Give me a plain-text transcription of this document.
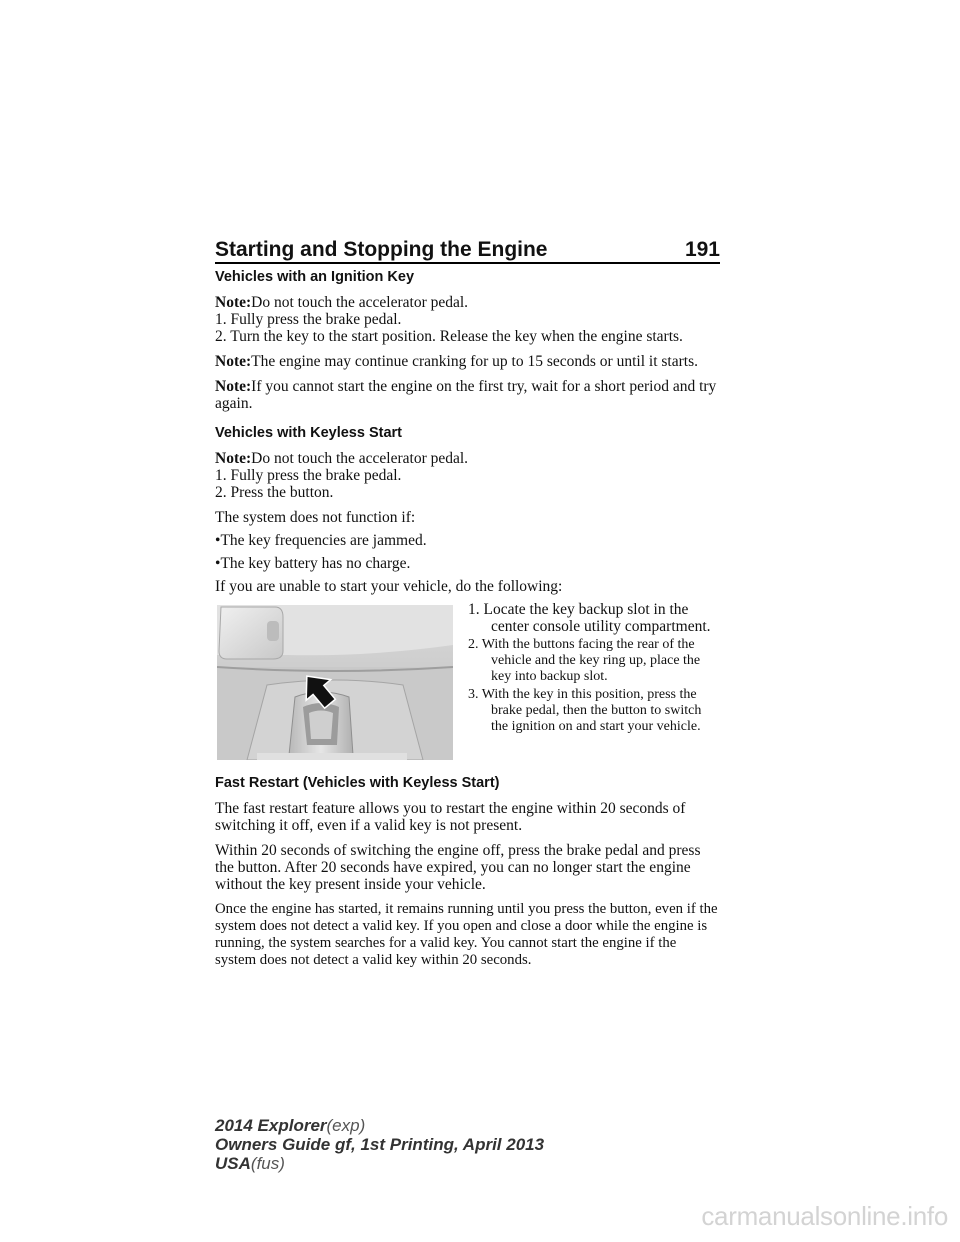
Starting and Stopping the Engine	191
Vehicles with an Ignition Key

Note:Do not touch the accelerator pedal.

1. Fully press the brake pedal.

2. Turn the key to the start position. Release the key when the engine starts.

Note:The engine may continue cranking for up to 15 seconds or until it starts.

Note:If you cannot start the engine on the first try, wait for a short period and try again.

Vehicles with Keyless Start

Note:Do not touch the accelerator pedal.

1. Fully press the brake pedal.

2. Press the button.

The system does not function if:

•The key frequencies are jammed.

•The key battery has no charge.

If you are unable to start your vehicle, do the following:

1. Locate the key backup slot in the center console utility compartment.

2. With the buttons facing the rear of the vehicle and the key ring up, place the key into backup slot.

3. With the key in this position, press the brake pedal, then the button to switch the ignition on and start your vehicle.

Fast Restart (Vehicles with Keyless Start)

The fast restart feature allows you to restart the engine within 20 seconds of switching it off, even if a valid key is not present.

Within 20 seconds of switching the engine off, press the brake pedal and press the button. After 20 seconds have expired, you can no longer start the engine without the key present inside your vehicle.

Once the engine has started, it remains running until you press the button, even if the system does not detect a valid key. If you open and close a door while the engine is running, the system searches for a valid key. You cannot start the engine if the system does not detect a valid key within 20 seconds.

2014 Explorer(exp)
Owners Guide gf, 1st Printing, April 2013
USA(fus)
carmanualsonline.info
